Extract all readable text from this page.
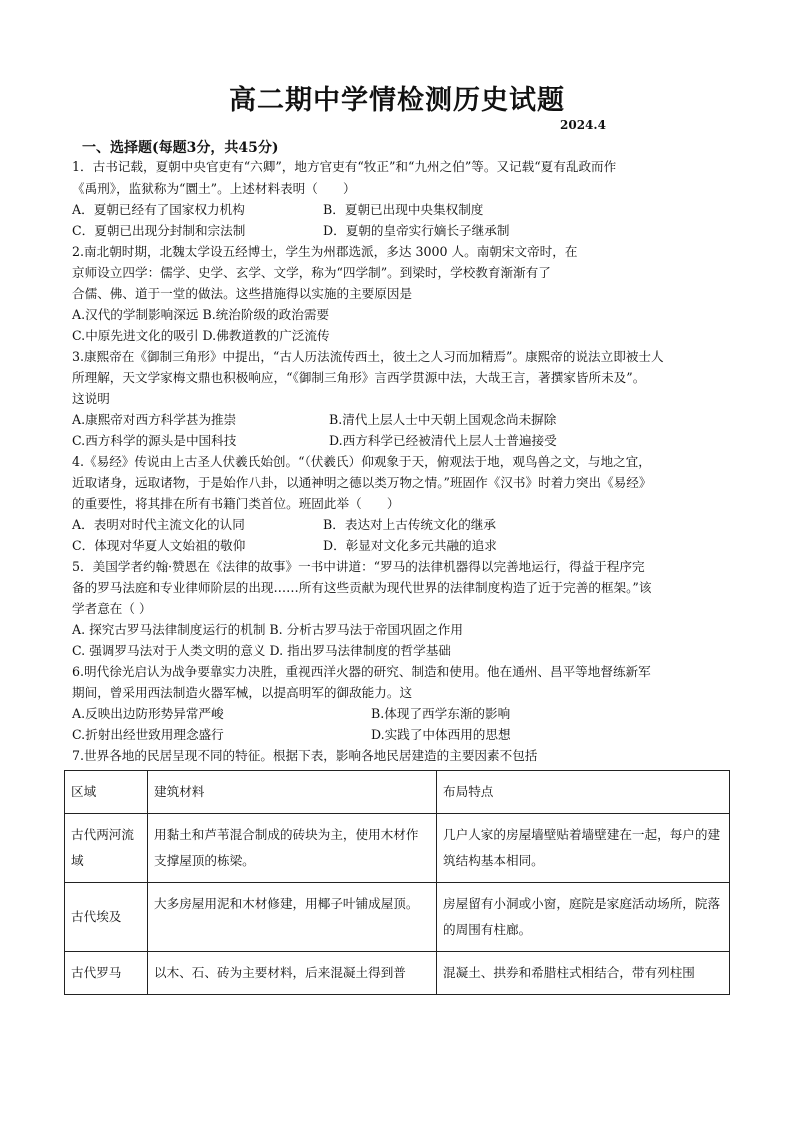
高二期中学情检测历史试题
2024.4
一、选择题(每题3分，共45分)
1．古书记载，夏朝中央官吏有“六卿”，地方官吏有“牧正”和“九州之伯”等。又记载“夏有乱政而作
《禹刑》，监狱称为“圜土”。上述材料表明（　　）
A．夏朝已经有了国家权力机构	B．夏朝已出现中央集权制度
C．夏朝已出现分封制和宗法制	D．夏朝的皇帝实行嫡长子继承制
2.南北朝时期，北魏太学设五经博士，学生为州郡选派，多达 3000 人。南朝宋文帝时，在
京师设立四学：儒学、史学、玄学、文学，称为“四学制”。到梁时，学校教育渐渐有了
合儒、佛、道于一堂的做法。这些措施得以实施的主要原因是
A.汉代的学制影响深远 B.统治阶级的政治需要
C.中原先进文化的吸引 D.佛教道教的广泛流传
3.康熙帝在《御制三角形》中提出，“古人历法流传西土，彼土之人习而加精焉”。康熙帝的说法立即被士人
所理解，天文学家梅文鼎也积极响应，“《御制三角形》言西学贯源中法，大哉王言，著撰家皆所未及”。
这说明
A.康熙帝对西方科学甚为推崇	B.清代上层人士中天朝上国观念尚未摒除
C.西方科学的源头是中国科技	D.西方科学已经被清代上层人士普遍接受
4.《易经》传说由上古圣人伏羲氏始创。“（伏羲氏）仰观象于天，俯观法于地，观鸟兽之文，与地之宜，
近取诸身，远取诸物，于是始作八卦，以通神明之德以类万物之情。”班固作《汉书》时着力突出《易经》
的重要性，将其排在所有书籍门类首位。班固此举（　　）
A．表明对时代主流文化的认同	B．表达对上古传统文化的继承
C．体现对华夏人文始祖的敬仰	D．彰显对文化多元共融的追求
5．美国学者约翰·赞恩在《法律的故事》一书中讲道：“罗马的法律机器得以完善地运行，得益于程序完
备的罗马法庭和专业律师阶层的出现……所有这些贡献为现代世界的法律制度构造了近于完善的框架。”该
学者意在（ ）
A. 探究古罗马法律制度运行的机制 B. 分析古罗马法于帝国巩固之作用
C. 强调罗马法对于人类文明的意义 D. 指出罗马法律制度的哲学基础
6.明代徐光启认为战争要靠实力决胜，重视西洋火器的研究、制造和使用。他在通州、昌平等地督练新军
期间，曾采用西法制造火器军械，以提高明军的御敌能力。这
A.反映出边防形势异常严峻	B.体现了西学东渐的影响
C.折射出经世致用理念盛行	D.实践了中体西用的思想
7.世界各地的民居呈现不同的特征。根据下表，影响各地民居建造的主要因素不包括
区域	建筑材料	布局特点
古代两河流域	用黏土和芦苇混合制成的砖块为主，使用木材作支撑屋顶的栋梁。	几户人家的房屋墙壁贴着墙壁建在一起，每户的建筑结构基本相同。
古代埃及	大多房屋用泥和木材修建，用椰子叶铺成屋顶。	房屋留有小洞或小窗，庭院是家庭活动场所，院落的周围有柱廊。
古代罗马	以木、石、砖为主要材料，后来混凝土得到普	混凝土、拱券和希腊柱式相结合，带有列柱围
